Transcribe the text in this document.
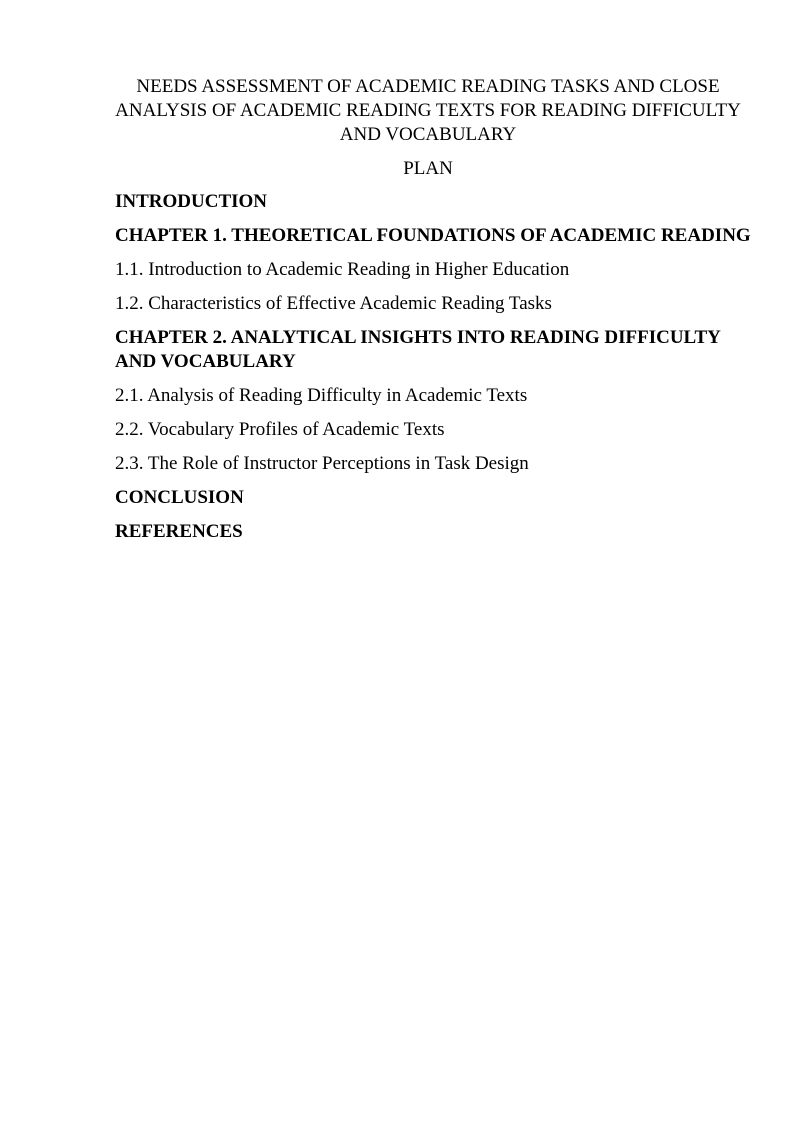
NEEDS ASSESSMENT OF ACADEMIC READING TASKS AND CLOSE
ANALYSIS OF ACADEMIC READING TEXTS FOR READING DIFFICULTY
AND VOCABULARY

PLAN

INTRODUCTION
CHAPTER 1. THEORETICAL FOUNDATIONS OF ACADEMIC READING
1.1. Introduction to Academic Reading in Higher Education
1.2. Characteristics of Effective Academic Reading Tasks
CHAPTER 2. ANALYTICAL INSIGHTS INTO READING DIFFICULTY AND VOCABULARY
2.1. Analysis of Reading Difficulty in Academic Texts
2.2. Vocabulary Profiles of Academic Texts
2.3. The Role of Instructor Perceptions in Task Design
CONCLUSION
REFERENCES
